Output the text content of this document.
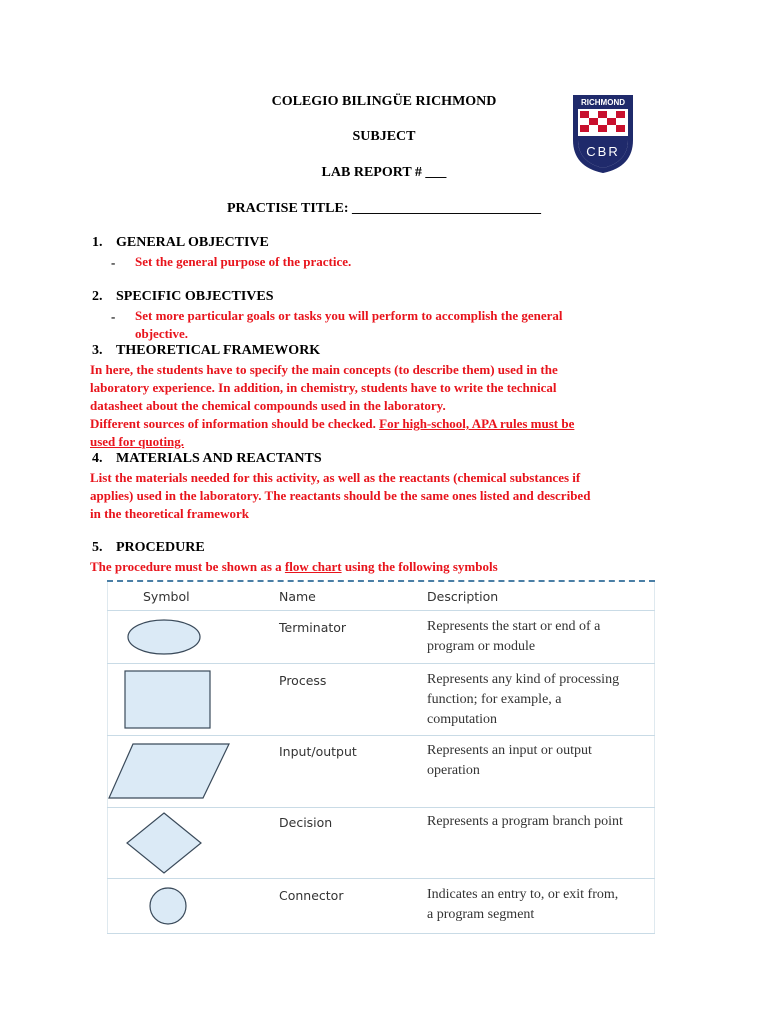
COLEGIO BILINGÜE RICHMOND
SUBJECT
LAB REPORT # ___
PRACTISE TITLE: ___________________________
RICHMOND
CBR
1. GENERAL OBJECTIVE
- Set the general purpose of the practice.
2. SPECIFIC OBJECTIVES
- Set more particular goals or tasks you will perform to accomplish the general
objective.
3. THEORETICAL FRAMEWORK
In here, the students have to specify the main concepts (to describe them) used in the
laboratory experience. In addition, in chemistry, students have to write the technical
datasheet about the chemical compounds used in the laboratory.
Different sources of information should be checked. For high-school, APA rules must be
used for quoting.
4. MATERIALS AND REACTANTS
List the materials needed for this activity, as well as the reactants (chemical substances if
applies) used in the laboratory. The reactants should be the same ones listed and described
in the theoretical framework
5. PROCEDURE
The procedure must be shown as a flow chart using the following symbols
Symbol	Name	Description
Terminator	Represents the start or end of a
program or module
Process	Represents any kind of processing
function; for example, a
computation
Input/output	Represents an input or output
operation
Decision	Represents a program branch point
Connector	Indicates an entry to, or exit from,
a program segment
